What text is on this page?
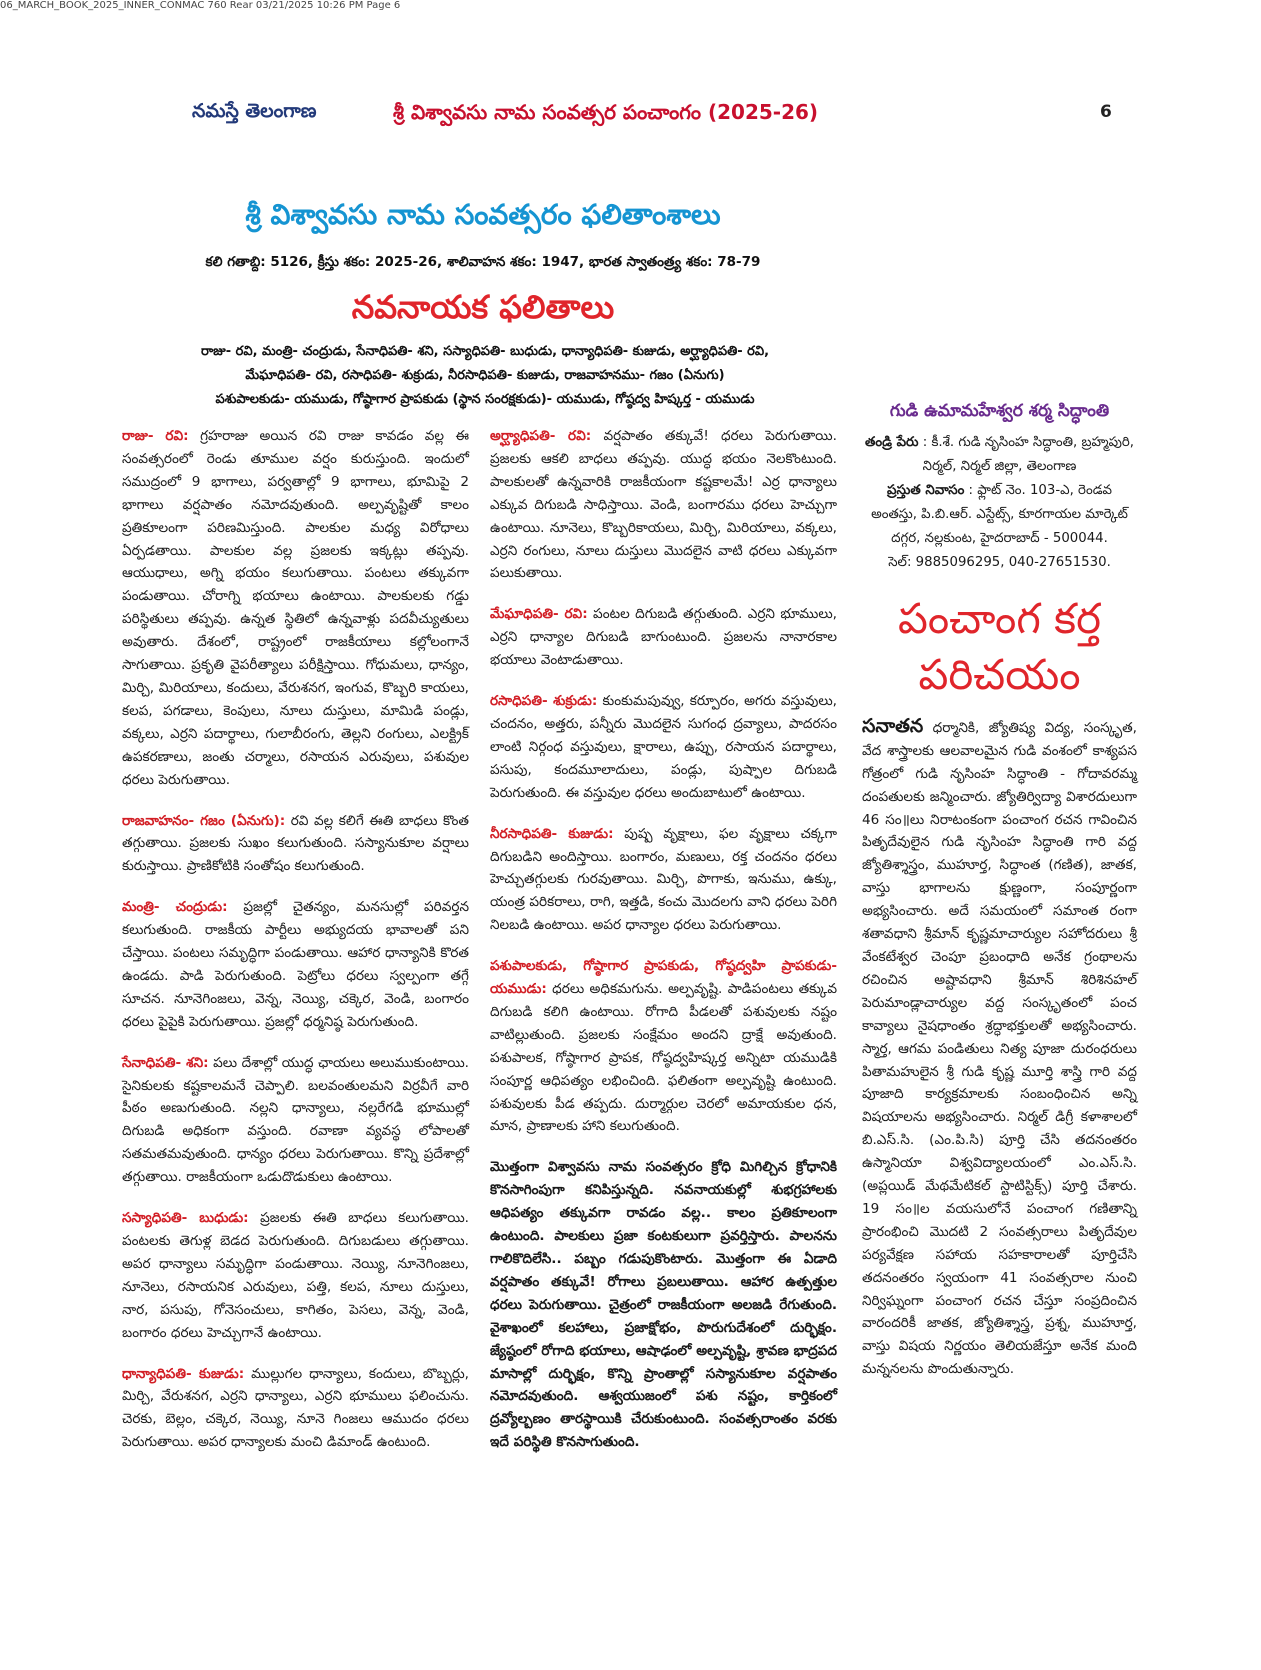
06_MARCH_BOOK_2025_INNER_CONMAC 760 Rear 03/21/2025 10:26 PM Page 6
నమస్తే తెలంగాణ	శ్రీ విశ్వావసు నామ సంవత్సర పంచాంగం (2025-26)	6
శ్రీ విశ్వావసు నామ సంవత్సరం ఫలితాంశాలు
కలి గతాబ్ది: 5126, క్రీస్తు శకం: 2025-26, శాలివాహన శకం: 1947, భారత స్వాతంత్ర్య శకం: 78-79
నవనాయక ఫలితాలు
రాజు- రవి, మంత్రి- చంద్రుడు, సేనాధిపతి- శని, సస్యాధిపతి- బుధుడు, ధాన్యాధిపతి- కుజుడు, అర్ఘ్యాధిపతి- రవి,
మేఘాధిపతి- రవి, రసాధిపతి- శుక్రుడు, నీరసాధిపతి- కుజుడు, రాజవాహనము- గజం (ఏనుగు)
పశుపాలకుడు- యముడు, గోష్ఠాగార ప్రాపకుడు (స్థాన సంరక్షకుడు)- యముడు, గోష్ఠద్వ హిష్కర్త - యముడు

రాజు- రవి: గ్రహరాజు అయిన రవి రాజు కావడం వల్ల ఈ సంవత్సరంలో రెండు తూముల వర్షం కురుస్తుంది. ఇందులో సముద్రంలో 9 భాగాలు, పర్వతాల్లో 9 భాగాలు, భూమిపై 2 భాగాలు వర్షపాతం నమోదవుతుంది. అల్పవృష్టితో కాలం ప్రతికూలంగా పరిణమిస్తుంది. పాలకుల మధ్య విరోధాలు ఏర్పడతాయి. పాలకుల వల్ల ప్రజలకు ఇక్కట్లు తప్పవు. ఆయుధాలు, అగ్ని భయం కలుగుతాయి. పంటలు తక్కువగా పండుతాయి. చోరాగ్ని భయాలు ఉంటాయి. పాలకులకు గడ్డు పరిస్థితులు తప్పవు. ఉన్నత స్థితిలో ఉన్నవాళ్లు పదవీచ్యుతులు అవుతారు. దేశంలో, రాష్ట్రంలో రాజకీయాలు కల్లోలంగానే సాగుతాయి. ప్రకృతి వైపరీత్యాలు పరీక్షిస్తాయి. గోధుమలు, ధాన్యం, మిర్చి, మిరియాలు, కందులు, వేరుశనగ, ఇంగువ, కొబ్బరి కాయలు, కలప, పగడాలు, కెంపులు, నూలు దుస్తులు, మామిడి పండ్లు, వక్కలు, ఎర్రని పదార్థాలు, గులాబీరంగు, తెల్లని రంగులు, ఎలక్ట్రిక్ ఉపకరణాలు, జంతు చర్మాలు, రసాయన ఎరువులు, పశువుల ధరలు పెరుగుతాయి.

రాజవాహనం- గజం (ఏనుగు): రవి వల్ల కలిగే ఈతి బాధలు కొంత తగ్గుతాయి. ప్రజలకు సుఖం కలుగుతుంది. సస్యానుకూల వర్షాలు కురుస్తాయి. ప్రాణికోటికి సంతోషం కలుగుతుంది.

మంత్రి- చంద్రుడు: ప్రజల్లో చైతన్యం, మనసుల్లో పరివర్తన కలుగుతుంది. రాజకీయ పార్టీలు అభ్యుదయ భావాలతో పని చేస్తాయి. పంటలు సమృద్ధిగా పండుతాయి. ఆహార ధాన్యానికి కొరత ఉండదు. పాడి పెరుగుతుంది. పెట్రోలు ధరలు స్వల్పంగా తగ్గే సూచన. నూనెగింజలు, వెన్న, నెయ్యి, చక్కెర, వెండి, బంగారం ధరలు పైపైకి పెరుగుతాయి. ప్రజల్లో ధర్మనిష్ఠ పెరుగుతుంది.

సేనాధిపతి- శని: పలు దేశాల్లో యుద్ధ ఛాయలు అలుముకుంటాయి. సైనికులకు కష్టకాలమనే చెప్పాలి. బలవంతులమని విర్రవీగే వారి పీఠం అణుగుతుంది. నల్లని ధాన్యాలు, నల్లరేగడి భూముల్లో దిగుబడి అధికంగా వస్తుంది. రవాణా వ్యవస్థ లోపాలతో సతమతమవుతుంది. ధాన్యం ధరలు పెరుగుతాయి. కొన్ని ప్రదేశాల్లో తగ్గుతాయి. రాజకీయంగా ఒడుదొడుకులు ఉంటాయి.

సస్యాధిపతి- బుధుడు: ప్రజలకు ఈతి బాధలు కలుగుతాయి. పంటలకు తెగుళ్ల బెడద పెరుగుతుంది. దిగుబడులు తగ్గుతాయి. అపర ధాన్యాలు సమృద్ధిగా పండుతాయి. నెయ్యి, నూనెగింజలు, నూనెలు, రసాయనిక ఎరువులు, పత్తి, కలప, నూలు దుస్తులు, నార, పసుపు, గోనెసంచులు, కాగితం, పెసలు, వెన్న, వెండి, బంగారం ధరలు హెచ్చుగానే ఉంటాయి.

ధాన్యాధిపతి- కుజుడు: ముల్లుగల ధాన్యాలు, కందులు, బొబ్బర్లు, మిర్చి, వేరుశనగ, ఎర్రని ధాన్యాలు, ఎర్రని భూములు ఫలించును. చెరకు, బెల్లం, చక్కెర, నెయ్యి, నూనె గింజలు ఆముదం ధరలు పెరుగుతాయి. అపర ధాన్యాలకు మంచి డిమాండ్ ఉంటుంది.

అర్ఘ్యాధిపతి- రవి: వర్షపాతం తక్కువే! ధరలు పెరుగుతాయి. ప్రజలకు ఆకలి బాధలు తప్పవు. యుద్ధ భయం నెలకొంటుంది. పాలకులతో ఉన్నవారికి రాజకీయంగా కష్టకాలమే! ఎర్ర ధాన్యాలు ఎక్కువ దిగుబడి సాధిస్తాయి. వెండి, బంగారము ధరలు హెచ్చుగా ఉంటాయి. నూనెలు, కొబ్బరికాయలు, మిర్చి, మిరియాలు, వక్కలు, ఎర్రని రంగులు, నూలు దుస్తులు మొదలైన వాటి ధరలు ఎక్కువగా పలుకుతాయి.

మేఘాధిపతి- రవి: పంటల దిగుబడి తగ్గుతుంది. ఎర్రని భూములు, ఎర్రని ధాన్యాల దిగుబడి బాగుంటుంది. ప్రజలను నానారకాల భయాలు వెంటాడుతాయి.

రసాధిపతి- శుక్రుడు: కుంకుమపువ్వు, కర్పూరం, అగరు వస్తువులు, చందనం, అత్తరు, పన్నీరు మొదలైన సుగంధ ద్రవ్యాలు, పాదరసం లాంటి నిర్గంధ వస్తువులు, క్షారాలు, ఉప్పు, రసాయన పదార్థాలు, పసుపు, కందమూలాదులు, పండ్లు, పుష్పాల దిగుబడి పెరుగుతుంది. ఈ వస్తువుల ధరలు అందుబాటులో ఉంటాయి.

నీరసాధిపతి- కుజుడు: పుష్ప వృక్షాలు, ఫల వృక్షాలు చక్కగా దిగుబడిని అందిస్తాయి. బంగారం, మణులు, రక్త చందనం ధరలు హెచ్చుతగ్గులకు గురవుతాయి. మిర్చి, పొగాకు, ఇనుము, ఉక్కు, యంత్ర పరికరాలు, రాగి, ఇత్తడి, కంచు మొదలగు వాని ధరలు పెరిగి నిలబడి ఉంటాయి. అపర ధాన్యాల ధరలు పెరుగుతాయి.

పశుపాలకుడు, గోష్ఠాగార ప్రాపకుడు, గోష్ఠద్వహి ప్రాపకుడు- యముడు: ధరలు అధికమగును. అల్పవృష్టి. పాడిపంటలు తక్కువ దిగుబడి కలిగి ఉంటాయి. రోగాది పీడలతో పశువులకు నష్టం వాటిల్లుతుంది. ప్రజలకు సంక్షేమం అందని ద్రాక్షే అవుతుంది. పశుపాలక, గోష్ఠాగార ప్రాపక, గోష్ఠద్వహిష్కర్త అన్నిటా యముడికి సంపూర్ణ ఆధిపత్యం లభించింది. ఫలితంగా అల్పవృష్టి ఉంటుంది. పశువులకు పీడ తప్పదు. దుర్మార్గుల చెరలో అమాయకుల ధన, మాన, ప్రాణాలకు హాని కలుగుతుంది.

మొత్తంగా విశ్వావసు నామ సంవత్సరం క్రోధి మిగిల్చిన క్రోధానికి కొనసాగింపుగా కనిపిస్తున్నది. నవనాయకుల్లో శుభగ్రహాలకు ఆధిపత్యం తక్కువగా రావడం వల్ల.. కాలం ప్రతికూలంగా ఉంటుంది. పాలకులు ప్రజా కంటకులుగా ప్రవర్తిస్తారు. పాలనను గాలికొదిలేసి.. పబ్బం గడుపుకొంటారు. మొత్తంగా ఈ ఏడాది వర్షపాతం తక్కువే! రోగాలు ప్రబలుతాయి. ఆహార ఉత్పత్తుల ధరలు పెరుగుతాయి. చైత్రంలో రాజకీయంగా అలజడి రేగుతుంది. వైశాఖంలో కలహాలు, ప్రజాక్షోభం, పొరుగుదేశంలో దుర్భిక్షం. జ్యేష్ఠంలో రోగాది భయాలు, ఆషాఢంలో అల్పవృష్టి, శ్రావణ భాద్రపద మాసాల్లో దుర్భిక్షం, కొన్ని ప్రాంతాల్లో సస్యానుకూల వర్షపాతం నమోదవుతుంది. ఆశ్వయుజంలో పశు నష్టం, కార్తికంలో ద్రవ్యోల్బణం తారస్థాయికి చేరుకుంటుంది. సంవత్సరాంతం వరకు ఇదే పరిస్థితి కొనసాగుతుంది.

గుడి ఉమామహేశ్వర శర్మ సిద్ధాంతి

తండ్రి పేరు : కీ.శే. గుడి నృసింహ సిద్ధాంతి, బ్రహ్మపురి, నిర్మల్, నిర్మల్ జిల్లా, తెలంగాణ

ప్రస్తుత నివాసం : ఫ్లాట్ నెం. 103-ఎ, రెండవ అంతస్తు, పి.బి.ఆర్. ఎస్టేట్స్, కూరగాయల మార్కెట్ దగ్గర, నల్లకుంట, హైదరాబాద్ - 500044.

సెల్: 9885096295, 040-27651530.

పంచాంగ కర్త
పరిచయం

సనాతన ధర్మానికి, జ్యోతిష్య విద్య, సంస్కృత, వేద శాస్త్రాలకు ఆలవాలమైన గుడి వంశంలో కాశ్యపస గోత్రంలో గుడి నృసింహ సిద్ధాంతి - గోదావరమ్మ దంపతులకు జన్మించారు. జ్యోతిర్విద్యా విశారదులుగా 46 సం॥లు నిరాటంకంగా పంచాంగ రచన గావించిన పితృదేవులైన గుడి నృసింహ సిద్ధాంతి గారి వద్ద జ్యోతిశ్శాస్త్రం, ముహూర్త, సిద్ధాంత (గణిత), జాతక, వాస్తు భాగాలను క్షుణ్ణంగా, సంపూర్ణంగా అభ్యసించారు. అదే సమయంలో సమాంత రంగా శతావధాని శ్రీమాన్ కృష్ణమాచార్యుల సహోదరులు శ్రీ వేంకటేశ్వర చెంపూ ప్రబంధాది అనేక గ్రంథాలను రచించిన అష్టావధాని శ్రీమాన్ శిరిశినహల్ పెరుమాండ్లాచార్యుల వద్ద సంస్కృతంలో పంచ కావ్యాలు నైషధాంతం శ్రద్ధాభక్తులతో అభ్యసించారు. స్మార్త, ఆగమ పండితులు నిత్య పూజా దురంధరులు పితామహులైన శ్రీ గుడి కృష్ణ మూర్తి శాస్త్రి గారి వద్ద పూజాది కార్యక్రమాలకు సంబంధించిన అన్ని విషయాలను అభ్యసించారు. నిర్మల్ డిగ్రీ కళాశాలలో బి.ఎస్.సి. (ఎం.పి.సి) పూర్తి చేసి తదనంతరం ఉస్మానియా విశ్వవిద్యాలయంలో ఎం.ఎస్.సి. (అప్లయిడ్ మేథమేటికల్ స్టాటిస్టిక్స్) పూర్తి చేశారు. 19 సం॥ల వయసులోనే పంచాంగ గణితాన్ని ప్రారంభించి మొదటి 2 సంవత్సరాలు పితృదేవుల పర్యవేక్షణ సహాయ సహకారాలతో పూర్తిచేసి తదనంతరం స్వయంగా 41 సంవత్సరాల నుంచి నిర్విఘ్నంగా పంచాంగ రచన చేస్తూ సంప్రదించిన వారందరికీ జాతక, జ్యోతిశ్శాస్త్ర, ప్రశ్న, ముహూర్త, వాస్తు విషయ నిర్ణయం తెలియజేస్తూ అనేక మంది మన్ననలను పొందుతున్నారు.
